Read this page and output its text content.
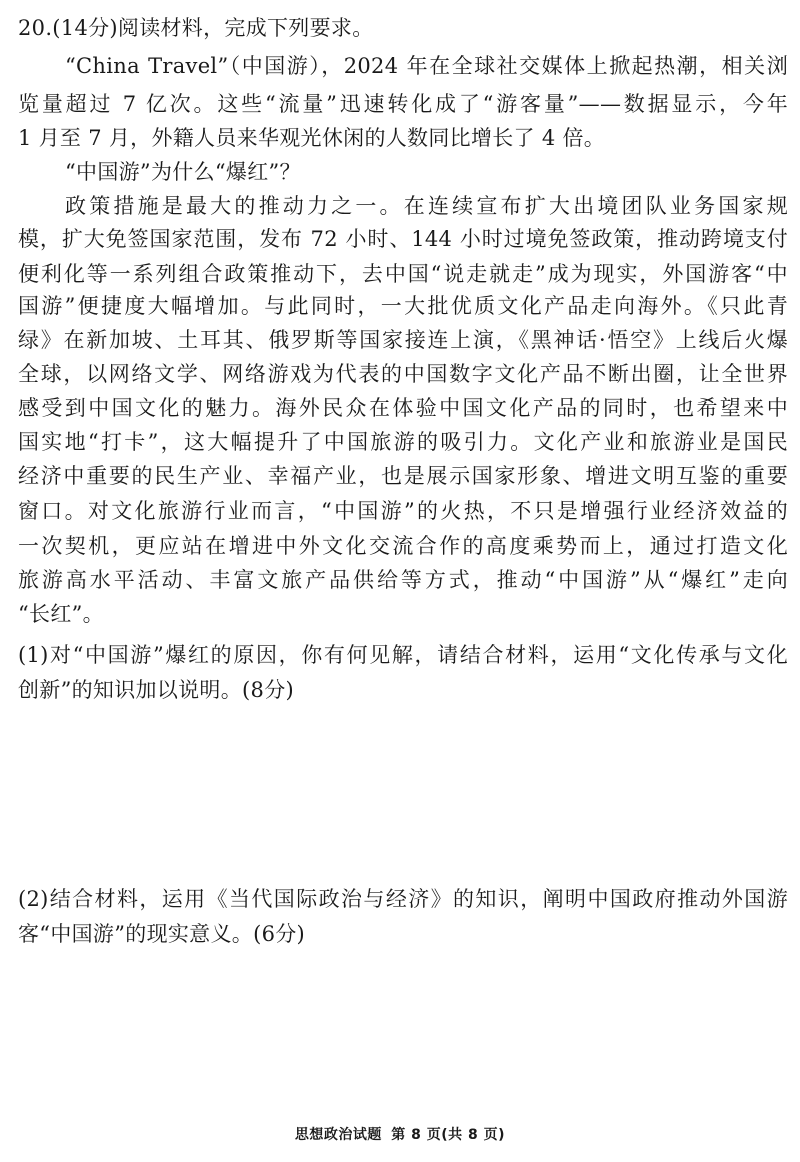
20.(14分)阅读材料，完成下列要求。
“China Travel”（中国游），2024 年在全球社交媒体上掀起热潮，相关浏
览量超过 7 亿次。这些“流量”迅速转化成了“游客量”——数据显示，今年
1 月至 7 月，外籍人员来华观光休闲的人数同比增长了 4 倍。
“中国游”为什么“爆红”？
政策措施是最大的推动力之一。在连续宣布扩大出境团队业务国家规
模，扩大免签国家范围，发布 72 小时、144 小时过境免签政策，推动跨境支付
便利化等一系列组合政策推动下，去中国“说走就走”成为现实，外国游客“中
国游”便捷度大幅增加。与此同时，一大批优质文化产品走向海外。《只此青
绿》在新加坡、土耳其、俄罗斯等国家接连上演，《黑神话·悟空》上线后火爆
全球，以网络文学、网络游戏为代表的中国数字文化产品不断出圈，让全世界
感受到中国文化的魅力。海外民众在体验中国文化产品的同时，也希望来中
国实地“打卡”，这大幅提升了中国旅游的吸引力。文化产业和旅游业是国民
经济中重要的民生产业、幸福产业，也是展示国家形象、增进文明互鉴的重要
窗口。对文化旅游行业而言，“中国游”的火热，不只是增强行业经济效益的
一次契机，更应站在增进中外文化交流合作的高度乘势而上，通过打造文化
旅游高水平活动、丰富文旅产品供给等方式，推动“中国游”从“爆红”走向
“长红”。
(1)对“中国游”爆红的原因，你有何见解，请结合材料，运用“文化传承与文化
创新”的知识加以说明。(8分)
(2)结合材料，运用《当代国际政治与经济》的知识，阐明中国政府推动外国游
客“中国游”的现实意义。(6分)
思想政治试题 第 8 页(共 8 页)
